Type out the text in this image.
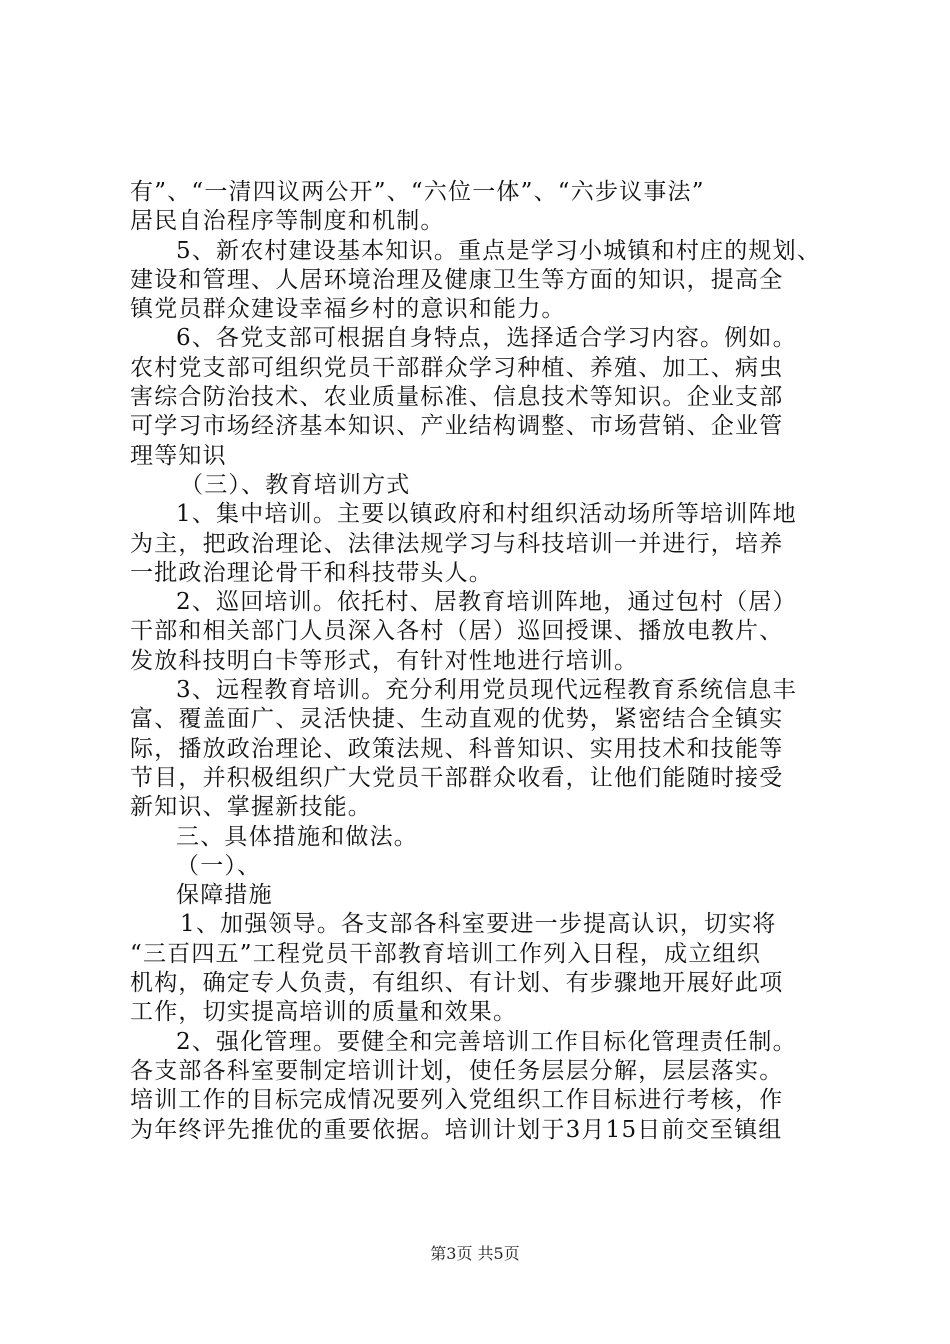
有”、“一清四议两公开”、“六位一体”、“六步议事法”
居民自治程序等制度和机制。
5、新农村建设基本知识。重点是学习小城镇和村庄的规划、
建设和管理、人居环境治理及健康卫生等方面的知识，提高全
镇党员群众建设幸福乡村的意识和能力。
6、各党支部可根据自身特点，选择适合学习内容。例如。
农村党支部可组织党员干部群众学习种植、养殖、加工、病虫
害综合防治技术、农业质量标准、信息技术等知识。企业支部
可学习市场经济基本知识、产业结构调整、市场营销、企业管
理等知识
（三）、教育培训方式
1、集中培训。主要以镇政府和村组织活动场所等培训阵地
为主，把政治理论、法律法规学习与科技培训一并进行，培养
一批政治理论骨干和科技带头人。
2、巡回培训。依托村、居教育培训阵地，通过包村（居）
干部和相关部门人员深入各村（居）巡回授课、播放电教片、
发放科技明白卡等形式，有针对性地进行培训。
3、远程教育培训。充分利用党员现代远程教育系统信息丰
富、覆盖面广、灵活快捷、生动直观的优势，紧密结合全镇实
际，播放政治理论、政策法规、科普知识、实用技术和技能等
节目，并积极组织广大党员干部群众收看，让他们能随时接受
新知识、掌握新技能。
三、具体措施和做法。
（一）、
保障措施
1、加强领导。各支部各科室要进一步提高认识，切实将
“三百四五”工程党员干部教育培训工作列入日程，成立组织
机构，确定专人负责，有组织、有计划、有步骤地开展好此项
工作，切实提高培训的质量和效果。
2、强化管理。要健全和完善培训工作目标化管理责任制。
各支部各科室要制定培训计划，使任务层层分解，层层落实。
培训工作的目标完成情况要列入党组织工作目标进行考核，作
为年终评先推优的重要依据。培训计划于3月15日前交至镇组
第3页 共5页
